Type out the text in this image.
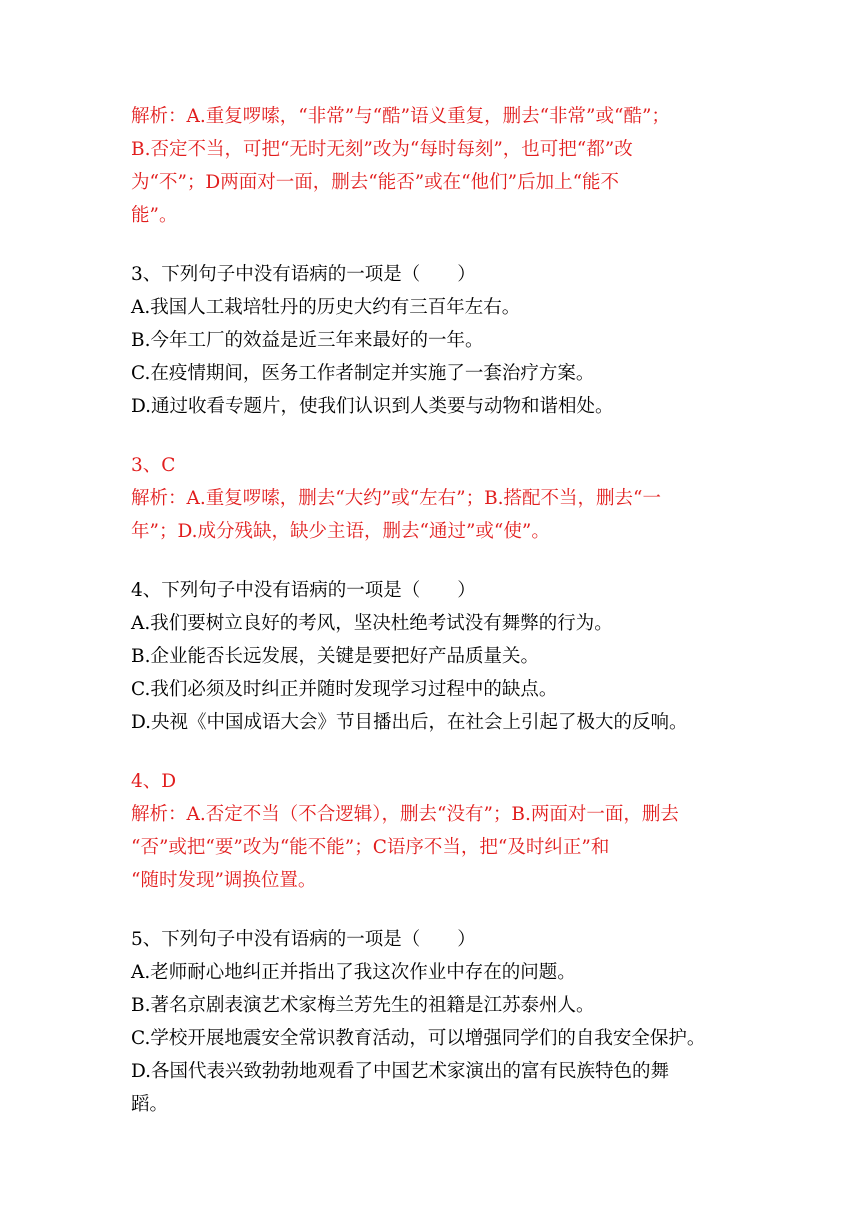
解析：A.重复啰嗦，“非常”与“酷”语义重复，删去“非常”或“酷”；
B.否定不当，可把“无时无刻”改为“每时每刻”，也可把“都”改
为“不”；D两面对一面，删去“能否”或在“他们”后加上“能不
能”。
3、下列句子中没有语病的一项是（　　）
A.我国人工栽培牡丹的历史大约有三百年左右。
B.今年工厂的效益是近三年来最好的一年。
C.在疫情期间，医务工作者制定并实施了一套治疗方案。
D.通过收看专题片，使我们认识到人类要与动物和谐相处。
3、C
解析：A.重复啰嗦，删去“大约”或“左右”；B.搭配不当，删去“一
年”；D.成分残缺，缺少主语，删去“通过”或“使”。
4、下列句子中没有语病的一项是（　　）
A.我们要树立良好的考风，坚决杜绝考试没有舞弊的行为。
B.企业能否长远发展，关键是要把好产品质量关。
C.我们必须及时纠正并随时发现学习过程中的缺点。
D.央视《中国成语大会》节目播出后，在社会上引起了极大的反响。
4、D
解析：A.否定不当（不合逻辑），删去“没有”；B.两面对一面，删去
“否”或把“要”改为“能不能”；C语序不当，把“及时纠正”和
“随时发现”调换位置。
5、下列句子中没有语病的一项是（　　）
A.老师耐心地纠正并指出了我这次作业中存在的问题。
B.著名京剧表演艺术家梅兰芳先生的祖籍是江苏泰州人。
C.学校开展地震安全常识教育活动，可以增强同学们的自我安全保护。
D.各国代表兴致勃勃地观看了中国艺术家演出的富有民族特色的舞
蹈。
